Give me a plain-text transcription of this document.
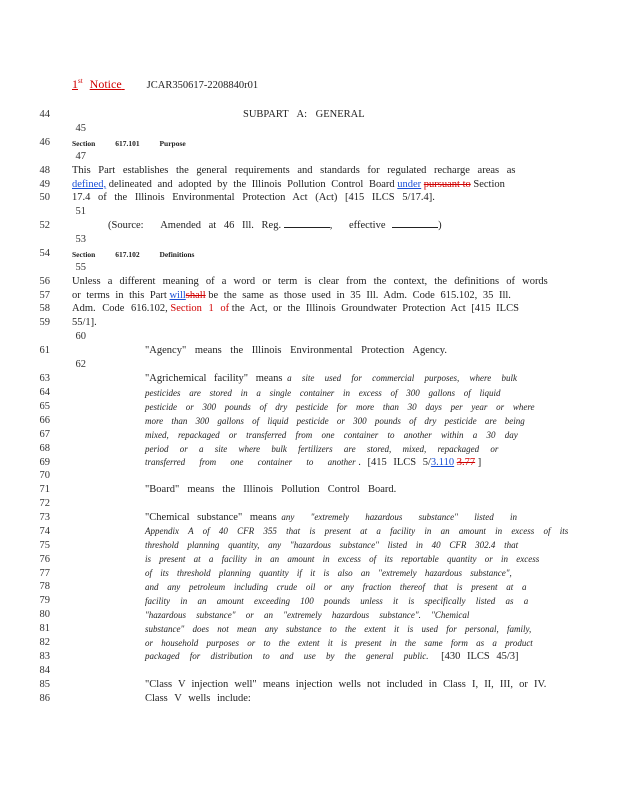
1st Notice JCAR350617-2208840r01
44
45
46
47
48
49
50
51
52
53
54
55
56
57
58
59
60
61
62
63
64
65
66
67
68
69
70
71
72
73
74
75
76
77
78
79
80
81
82
83
84
85
86
SUBPART A: GENERAL
Section 617.101	Purpose
This Part establishes the general requirements and standards for regulated recharge areas as
defined, delineated and adopted by the Illinois Pollution Control Board under pursuant to Section
17.4 of the Illinois Environmental Protection Act (Act) [415 ILCS 5/17.4].
(Source: Amended at 46 Ill. Reg.	, effective	)
Section 617.102	Definitions
Unless a different meaning of a word or term is clear from the context, the definitions of words
or terms in this Part willshall be the same as those used in 35 Ill. Adm. Code 615.102, 35 Ill.
Adm. Code 616.102, Section 1 of the Act, or the Illinois Groundwater Protection Act [415 ILCS
55/1].
"Agency" means the Illinois Environmental Protection Agency.
"Agrichemical facility" means a site used for commercial purposes, where bulk
pesticides are stored in a single container in excess of 300 gallons of liquid
pesticide or 300 pounds of dry pesticide for more than 30 days per year or where
more than 300 gallons of liquid pesticide or 300 pounds of dry pesticide are being
mixed, repackaged or transferred from one container to another within a 30 day
period or a site where bulk fertilizers are stored, mixed, repackaged or
transferred from one container to another . [415 ILCS 5/3.110 3.77 ]
"Board" means the Illinois Pollution Control Board.
"Chemical substance" means any "extremely hazardous substance" listed in
Appendix A of 40 CFR 355 that is present at a facility in an amount in excess of its
threshold planning quantity, any "hazardous substance" listed in 40 CFR 302.4 that
is present at a facility in an amount in excess of its reportable quantity or in excess
of its threshold planning quantity if it is also an "extremely hazardous substance",
and any petroleum including crude oil or any fraction thereof that is present at a
facility in an amount exceeding 100 pounds unless it is specifically listed as a
"hazardous substance" or an "extremely hazardous substance". "Chemical
substance" does not mean any substance to the extent it is used for personal, family,
or household purposes or to the extent it is present in the same form as a product
packaged for distribution to and use by the general public. [430 ILCS 45/3]
"Class V injection well" means injection wells not included in Class I, II, III, or IV.
Class V wells include:
